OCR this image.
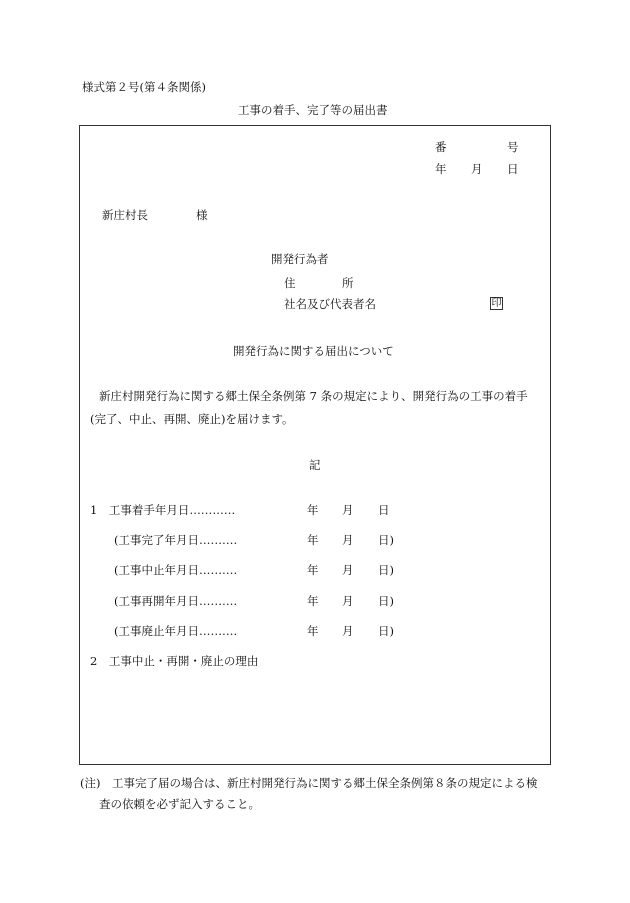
様式第２号(第４条関係)
工事の着手、完了等の届出書
番	号
年 月 日
新庄村長	様
開発行為者
住	所
社名及び代表者名	印
開発行為に関する届出について
新庄村開発行為に関する郷土保全条例第 7 条の規定により、開発行為の工事の着手
(完了、中止、再開、廃止)を届けます。
記
1　工事着手年月日‥‥‥‥‥‥	年 月 日
(工事完了年月日‥‥‥‥‥	年 月 日)
(工事中止年月日‥‥‥‥‥	年 月 日)
(工事再開年月日‥‥‥‥‥	年 月 日)
(工事廃止年月日‥‥‥‥‥	年 月 日)
2　工事中止・再開・廃止の理由
(注)　工事完了届の場合は、新庄村開発行為に関する郷土保全条例第８条の規定による検
査の依頼を必ず記入すること。
